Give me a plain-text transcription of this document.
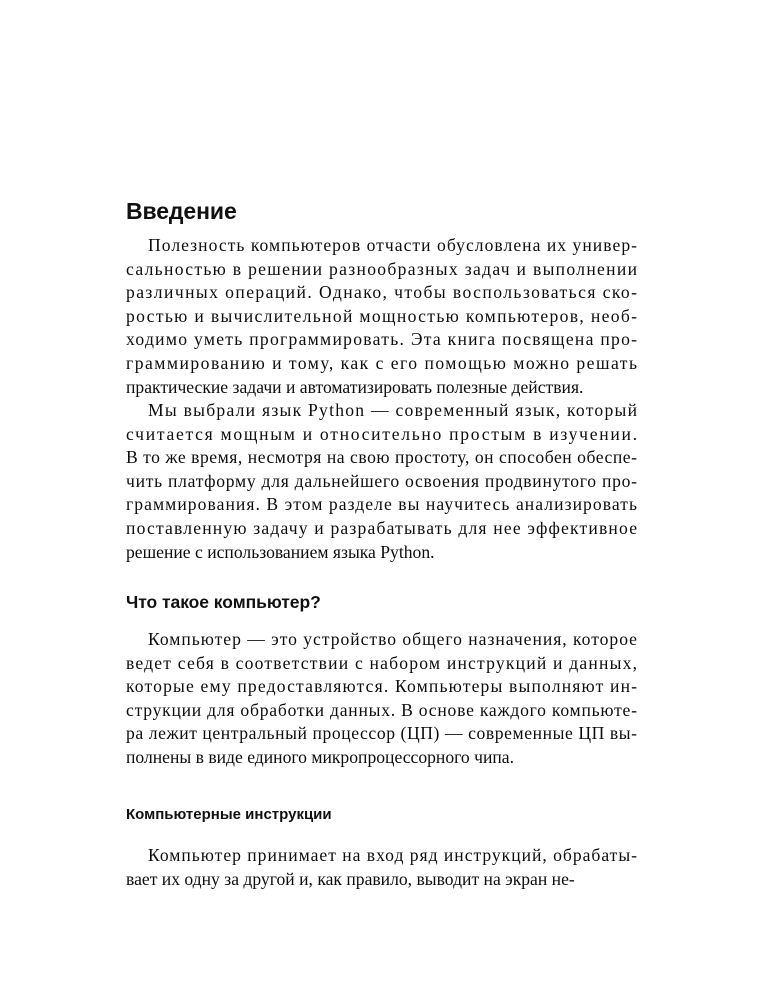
Введение

Полезность компьютеров отчасти обусловлена их универ-
сальностью в решении разнообразных задач и выполнении
различных операций. Однако, чтобы воспользоваться ско-
ростью и вычислительной мощностью компьютеров, необ-
ходимо уметь программировать. Эта книга посвящена про-
граммированию и тому, как с его помощью можно решать
практические задачи и автоматизировать полезные действия.

Мы выбрали язык Python — современный язык, который
считается мощным и относительно простым в изучении.
В то же время, несмотря на свою простоту, он способен обеспе-
чить платформу для дальнейшего освоения продвинутого про-
граммирования. В этом разделе вы научитесь анализировать
поставленную задачу и разрабатывать для нее эффективное
решение с использованием языка Python.

Что такое компьютер?

Компьютер — это устройство общего назначения, которое
ведет себя в соответствии с набором инструкций и данных,
которые ему предоставляются. Компьютеры выполняют ин-
струкции для обработки данных. В основе каждого компьюте-
ра лежит центральный процессор (ЦП) — современные ЦП вы-
полнены в виде единого микропроцессорного чипа.

Компьютерные инструкции

Компьютер принимает на вход ряд инструкций, обрабаты-
вает их одну за другой и, как правило, выводит на экран не-
